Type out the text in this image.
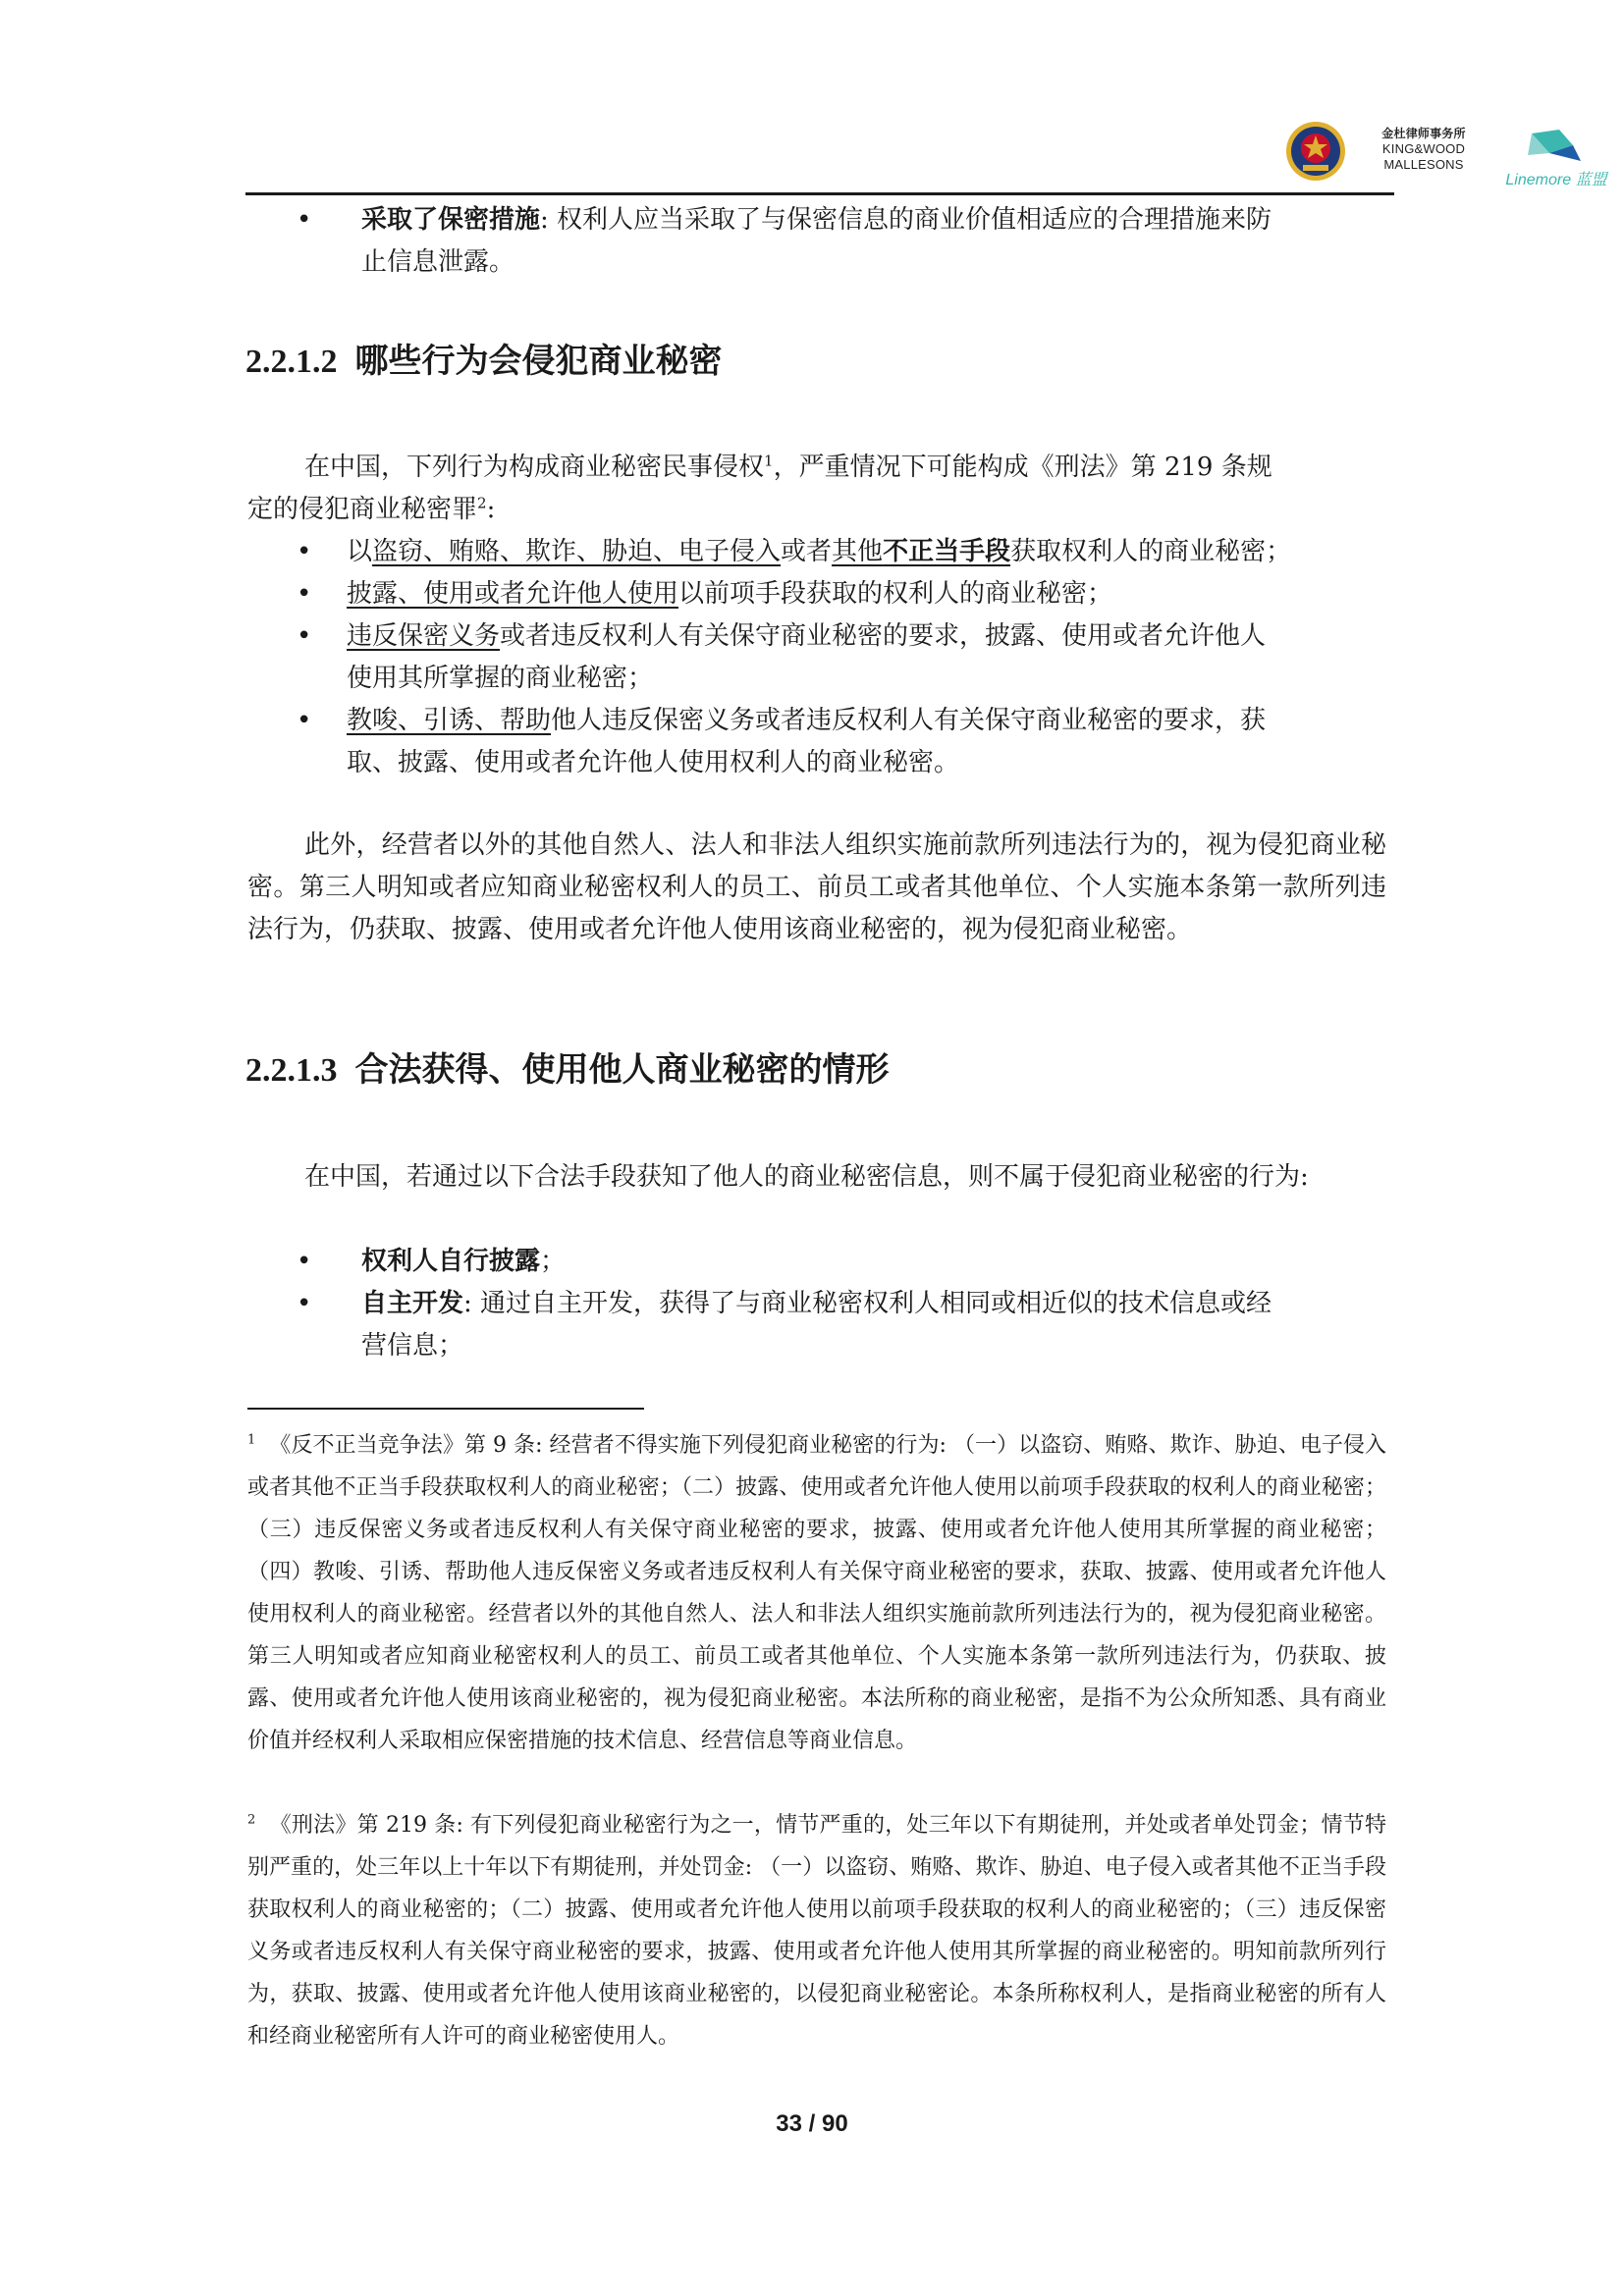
金杜律师事务所
KING&WOOD
MALLESONS
Linemore 蓝盟
• 采取了保密措施: 权利人应当采取了与保密信息的商业价值相适应的合理措施来防
止信息泄露。

2.2.1.2 哪些行为会侵犯商业秘密

在中国，下列行为构成商业秘密民事侵权$^1$，严重情况下可能构成《刑法》第 219 条规
定的侵犯商业秘密罪$^2$:

• 以盗窃、贿赂、欺诈、胁迫、电子侵入或者其他不正当手段获取权利人的商业秘密；

• 披露、使用或者允许他人使用以前项手段获取的权利人的商业秘密；

• 违反保密义务或者违反权利人有关保守商业秘密的要求，披露、使用或者允许他人
使用其所掌握的商业秘密；

• 教唆、引诱、帮助他人违反保密义务或者违反权利人有关保守商业秘密的要求，获
取、披露、使用或者允许他人使用权利人的商业秘密。

此外，经营者以外的其他自然人、法人和非法人组织实施前款所列违法行为的，视为侵犯商业秘密。第三人明知或者应知商业秘密权利人的员工、前员工或者其他单位、个人实施本条第一款所列违法行为，仍获取、披露、使用或者允许他人使用该商业秘密的，视为侵犯商业秘密。

2.2.1.3 合法获得、使用他人商业秘密的情形

在中国，若通过以下合法手段获知了他人的商业秘密信息，则不属于侵犯商业秘密的行为:

• 权利人自行披露；

• 自主开发: 通过自主开发，获得了与商业秘密权利人相同或相近似的技术信息或经
营信息；

$^1$ 《反不正当竞争法》第 9 条: 经营者不得实施下列侵犯商业秘密的行为: （一）以盗窃、贿赂、欺诈、胁迫、电子侵入或者其他不正当手段获取权利人的商业秘密；（二）披露、使用或者允许他人使用以前项手段获取的权利人的商业秘密；（三）违反保密义务或者违反权利人有关保守商业秘密的要求，披露、使用或者允许他人使用其所掌握的商业秘密；（四）教唆、引诱、帮助他人违反保密义务或者违反权利人有关保守商业秘密的要求，获取、披露、使用或者允许他人使用权利人的商业秘密。经营者以外的其他自然人、法人和非法人组织实施前款所列违法行为的，视为侵犯商业秘密。第三人明知或者应知商业秘密权利人的员工、前员工或者其他单位、个人实施本条第一款所列违法行为，仍获取、披露、使用或者允许他人使用该商业秘密的，视为侵犯商业秘密。本法所称的商业秘密，是指不为公众所知悉、具有商业价值并经权利人采取相应保密措施的技术信息、经营信息等商业信息。

$^2$ 《刑法》第 219 条: 有下列侵犯商业秘密行为之一，情节严重的，处三年以下有期徒刑，并处或者单处罚金；情节特别严重的，处三年以上十年以下有期徒刑，并处罚金: （一）以盗窃、贿赂、欺诈、胁迫、电子侵入或者其他不正当手段获取权利人的商业秘密的；（二）披露、使用或者允许他人使用以前项手段获取的权利人的商业秘密的；（三）违反保密义务或者违反权利人有关保守商业秘密的要求，披露、使用或者允许他人使用其所掌握的商业秘密的。明知前款所列行为，获取、披露、使用或者允许他人使用该商业秘密的，以侵犯商业秘密论。本条所称权利人，是指商业秘密的所有人和经商业秘密所有人许可的商业秘密使用人。

33 / 90
